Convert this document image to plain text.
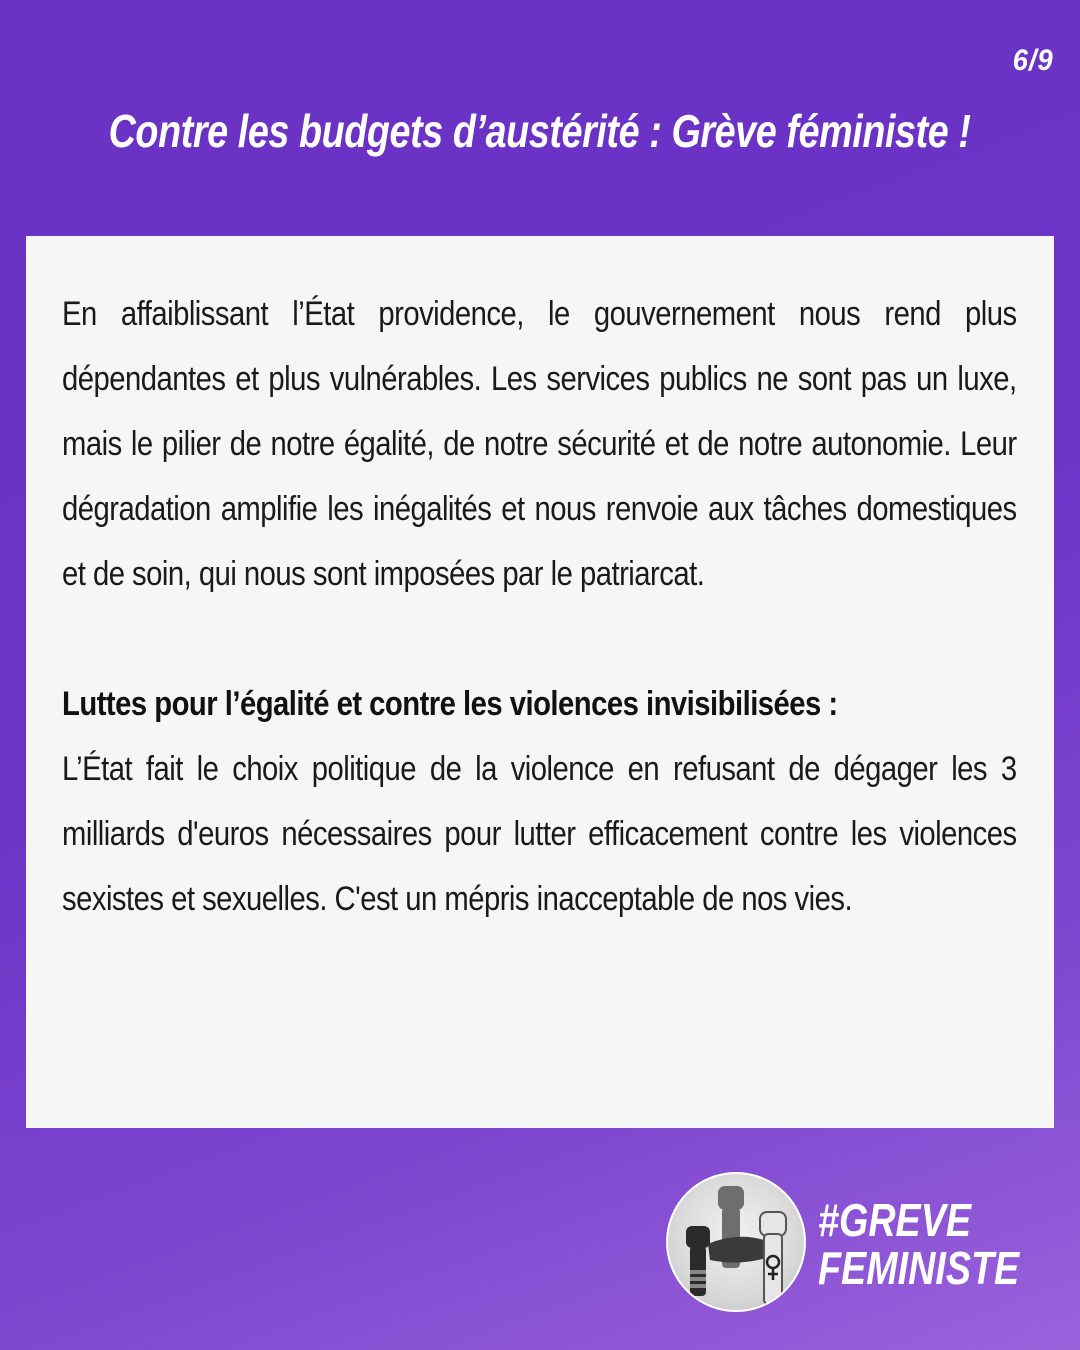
6/9
Contre les budgets d’austérité : Grève féministe !

En affaiblissant l’État providence, le gouvernement nous rend plus dépendantes et plus vulnérables. Les services publics ne sont pas un luxe, mais le pilier de notre égalité, de notre sécurité et de notre autonomie. Leur dégradation amplifie les inégalités et nous renvoie aux tâches domestiques et de soin, qui nous sont imposées par le patriarcat.

Luttes pour l’égalité et contre les violences invisibilisées :

L’État fait le choix politique de la violence en refusant de dégager les 3 milliards d'euros nécessaires pour lutter efficacement contre les violences sexistes et sexuelles. C'est un mépris inacceptable de nos vies.

#GREVE
FEMINISTE
